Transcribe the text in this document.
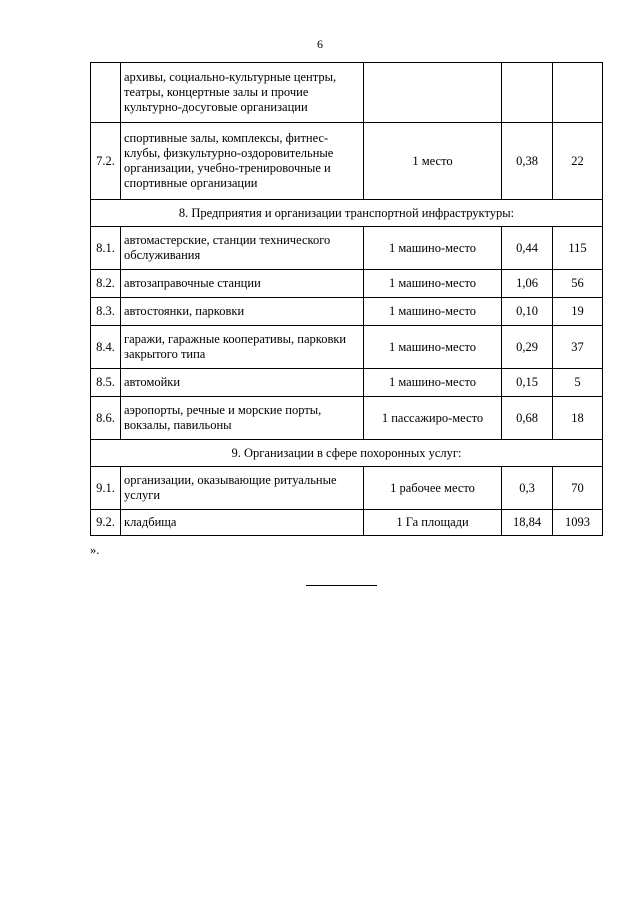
6
	архивы, социально-культурные центры, театры, концертные залы и прочие культурно-досуговые организации			
7.2.	спортивные залы, комплексы, фитнес-клубы, физкультурно-оздоровительные организации, учебно-тренировочные и спортивные организации	1 место	0,38	22
8. Предприятия и организации транспортной инфраструктуры:				
8.1.	автомастерские, станции технического обслуживания	1 машино-место	0,44	115
8.2.	автозаправочные станции	1 машино-место	1,06	56
8.3.	автостоянки, парковки	1 машино-место	0,10	19
8.4.	гаражи, гаражные кооперативы, парковки закрытого типа	1 машино-место	0,29	37
8.5.	автомойки	1 машино-место	0,15	5
8.6.	аэропорты, речные и морские порты, вокзалы, павильоны	1 пассажиро-место	0,68	18
9. Организации в сфере похоронных услуг:				
9.1.	организации, оказывающие ритуальные услуги	1 рабочее место	0,3	70
9.2.	кладбища	1 Га площади	18,84	1093
».
